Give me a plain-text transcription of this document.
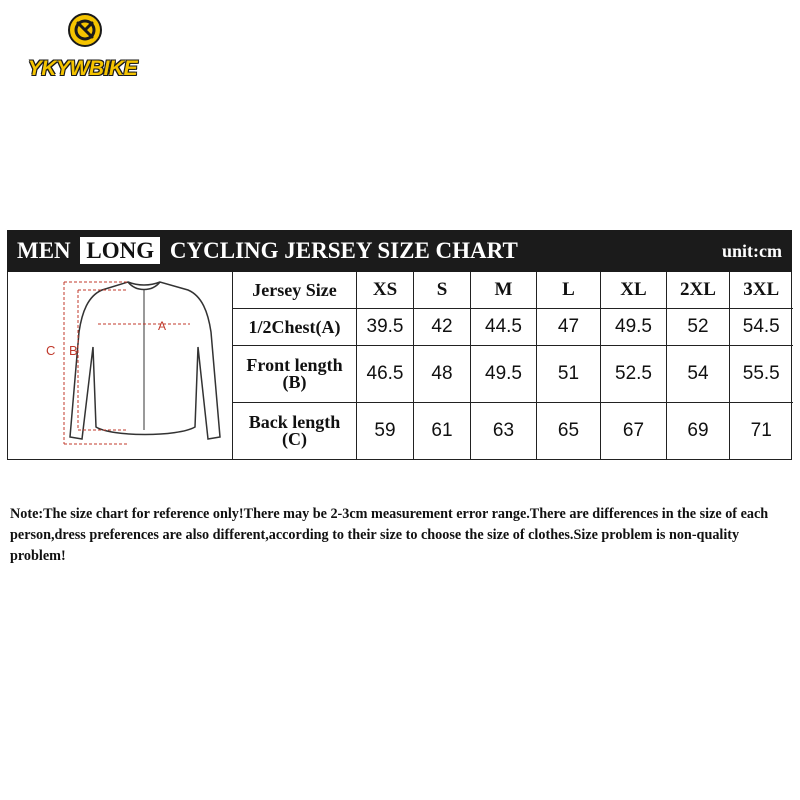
YKYWBIKE
MEN LONG CYCLING JERSEY SIZE CHART	unit:cm
A
B
C
Jersey Size	XS	S	M	L	XL	2XL	3XL
1/2Chest(A)	39.5	42	44.5	47	49.5	52	54.5

Front length
(B)	46.5	48	49.5	51	52.5	54	55.5

Back length
(C)	59	61	63	65	67	69	71
Note:The size chart for reference only!There may be 2-3cm measurement error range.There are differences in the size of each person,dress preferences are also different,according to their size to choose the size of clothes.Size problem is non-quality problem!
